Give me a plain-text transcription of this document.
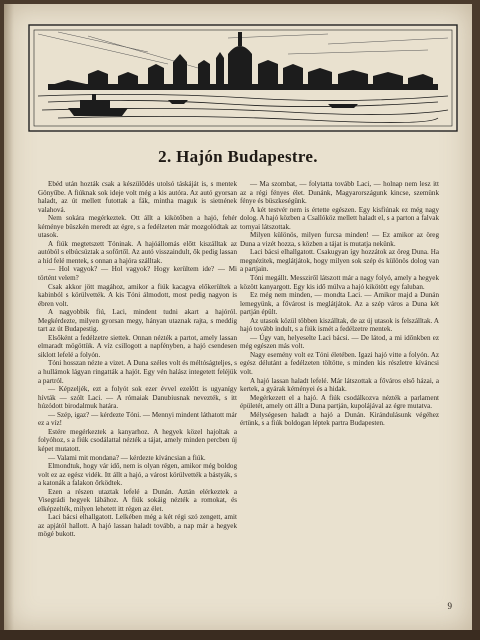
2. Hajón Budapestre.

Ebéd után hozták csak a készülődés utolsó táskáját is, s mentek Gönyűbe. A fiúknak sok ideje volt még a kis autóra. Az autó gyorsan haladt, az út mellett futottak a fák, mintha maguk is sietnének valahová.

Nem sokára megérkeztek. Ott állt a kikötőben a hajó, fehér kéménye büszkén meredt az égre, s a fedélzeten már mozgolódtak az utasok.

A fiúk megtetszett Tóninak. A hajóállomás előtt kiszálltak az autóból s elbúcsúztak a sofőrtől. Az autó visszaindult, ők pedig lassan a híd felé mentek, s onnan a hajóra szálltak.

— Hol vagyok? — Hol vagyok? Hogy kerültem ide? — Mi történt velem?

Csak akkor jött magához, amikor a fiúk kacagva előkerültek a kabinból s körülvették. A kis Tóni álmodott, most pedig nagyon is ébren volt.

A nagyobbik fiú, Laci, mindent tudni akart a hajóról. Megkérdezte, milyen gyorsan megy, hányan utaznak rajta, s meddig tart az út Budapestig.

Elsőként a fedélzetre siettek. Onnan nézték a partot, amely lassan elmaradt mögöttük. A víz csillogott a napfényben, a hajó csendesen siklott lefelé a folyón.

Tóni hosszan nézte a vizet. A Duna széles volt és méltóságteljes, s a hullámok lágyan ringatták a hajót. Egy vén halász integetett feléjük a partról.

— Képzeljék, ezt a folyót sok ezer évvel ezelőtt is ugyanígy hívták — szólt Laci. — A rómaiak Danubiusnak nevezték, s itt húzódott birodalmuk határa.

— Szép, igaz? — kérdezte Tóni. — Mennyi mindent láthatott már ez a víz!

Estére megérkeztek a kanyarhoz. A hegyek közel hajoltak a folyóhoz, s a fiúk csodálattal nézték a tájat, amely minden percben új képet mutatott.

— Valami mit mondana? — kérdezte kíváncsian a fiúk.

Elmondtuk, hogy vár idő, nem is olyan régen, amikor még boldog volt ez az egész vidék. Itt állt a hajó, a várost körülvették a bástyák, s a katonák a falakon őrködtek.

Ezen a részen utaztak lefelé a Dunán. Aztán elérkeztek a Visegrádi hegyek lábához. A fiúk sokáig nézték a romokat, és elképzelték, milyen lehetett itt régen az élet.

Laci bácsi elhallgatott. Lelkében még a két régi szó zengett, amit az apjától hallott. A hajó lassan haladt tovább, a nap már a hegyek mögé bukott.

— Ma szombat, — folytatta tovább Laci, — holnap nem lesz itt az a régi fényes élet. Dunánk, Magyarországunk kincse, szemünk fénye és büszkeségünk.

A két testvér nem is értette egészen. Egy kisfiúnak ez még nagy dolog. A hajó közben a Csallóköz mellett haladt el, s a parton a falvak tornyai látszottak.

Milyen különös, milyen furcsa minden! — Ez amikor az öreg Duna a vizét hozza, s közben a tájat is mutatja nekünk.

Laci bácsi elhallgatott. Csakugyan így hozzátok az öreg Duna. Ha megnézitek, meglátjátok, hogy milyen sok szép és különös dolog van a partjain.

Tóni megállt. Messziről látszott már a nagy folyó, amely a hegyek között kanyargott. Egy kis idő múlva a hajó kikötött egy faluban.

Ez még nem minden, — mondta Laci. — Amikor majd a Dunán lemegyünk, a fővárost is meglátjátok. Az a szép város a Duna két partján épült.

Az utasok közül többen kiszálltak, de az új utasok is felszálltak. A hajó tovább indult, s a fiúk ismét a fedélzetre mentek.

— Úgy van, helyeselte Laci bácsi. — De látod, a mi időnkben ez még egészen más volt.

Nagy esemény volt ez Tóni életében. Igazi hajó vitte a folyón. Az egész délutánt a fedélzeten töltötte, s minden kis részletre kíváncsi volt.

A hajó lassan haladt lefelé. Már látszottak a főváros első házai, a kertek, a gyárak kéményei és a hidak.

Megérkezett el a hajó. A fiúk csodálkozva nézték a parlament épületét, amely ott állt a Duna partján, kupolájával az égre mutatva.

Mélységesen haladt a hajó a Dunán. Kirándulásunk végéhez értünk, s a fiúk boldogan léptek partra Budapesten.

9
